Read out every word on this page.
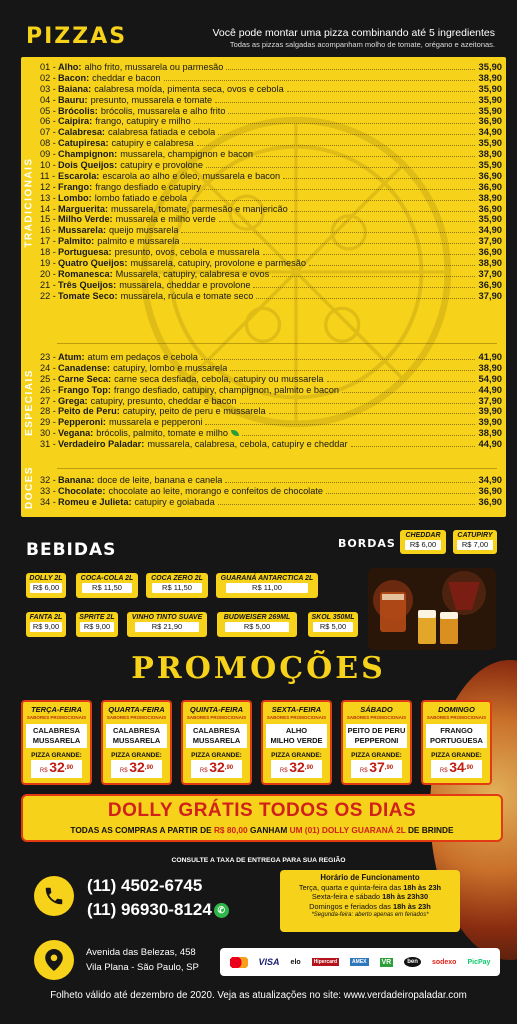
PIZZAS	Você pode montar uma pizza combinando até 5 ingredientes
Todas as pizzas salgadas acompanham molho de tomate, orégano e azeitonas.
TRADICIONAIS
ESPECIAIS
DOCES
01 - Alho: alho frito, mussarela ou parmesão	35,90
02 - Bacon: cheddar e bacon	38,90
03 - Baiana: calabresa moída, pimenta seca, ovos e cebola	35,90
04 - Bauru: presunto, mussarela e tomate	35,90
05 - Brócolis: brócolis, mussarela e alho frito	35,90
06 - Caipira: frango, catupiry e milho	36,90
07 - Calabresa: calabresa fatiada e cebola	34,90
08 - Catupiresa: catupiry e calabresa	35,90
09 - Champignon: mussarela, champignon e bacon	38,90
10 - Dois Queijos: catupiry e provolone	35,90
11 - Escarola: escarola ao alho e óleo, mussarela e bacon	36,90
12 - Frango: frango desfiado e catupiry	36,90
13 - Lombo: lombo fatiado e cebola	38,90
14 - Marguerita: mussarela, tomate, parmesão e manjericão	36,90
15 - Milho Verde: mussarela e milho verde	35,90
16 - Mussarela: queijo mussarela	34,90
17 - Palmito: palmito e mussarela	37,90
18 - Portuguesa: presunto, ovos, cebola e mussarela	36,90
19 - Quatro Queijos: mussarela, catupiry, provolone e parmesão	38,90
20 - Romanesca: Mussarela, catupiry, calabresa e ovos	37,90
21 - Três Queijos: mussarela, cheddar e provolone	36,90
22 - Tomate Seco: mussarela, rúcula e tomate seco	37,90
23 - Atum: atum em pedaços e cebola	41,90
24 - Canadense: catupiry, lombo e mussarela	38,90
25 - Carne Seca: carne seca desfiada, cebola, catupiry ou mussarela	54,90
26 - Frango Top: frango desfiado, catupiry, champignon, palmito e bacon	44,90
27 - Grega: catupiry, presunto, cheddar e bacon	37,90
28 - Peito de Peru: catupiry, peito de peru e mussarela	39,90
29 - Pepperoni: mussarela e pepperoni	39,90
30 - Vegana: brócolis, palmito, tomate e milho	38,90
31 - Verdadeiro Paladar: mussarela, calabresa, cebola, catupiry e cheddar	44,90
32 - Banana: doce de leite, banana e canela	34,90
33 - Chocolate: chocolate ao leite, morango e confeitos de chocolate	36,90
34 - Romeu e Julieta: catupiry e goiabada	36,90
BEBIDAS	BORDAS
CHEDDAR
R$ 6,00
CATUPIRY
R$ 7,00
DOLLY 2L
R$ 6,00
COCA-COLA 2L
R$ 11,50
COCA ZERO 2L
R$ 11,50
GUARANÁ ANTARCTICA 2L
R$ 11,00
FANTA 2L
R$ 9,00
SPRITE 2L
R$ 9,00
VINHO TINTO SUAVE
R$ 21,90
BUDWEISER 269ML
R$ 5,00
SKOL 350ML
R$ 5,00
PROMOÇÕES
TERÇA-FEIRA
SABORES PROMOCIONAIS
CALABRESA
MUSSARELA
PIZZA GRANDE:
R$ $32^{,90}$
QUARTA-FEIRA
SABORES PROMOCIONAIS
CALABRESA
MUSSARELA
PIZZA GRANDE:
R$ $32^{,90}$
QUINTA-FEIRA
SABORES PROMOCIONAIS
CALABRESA
MUSSARELA
PIZZA GRANDE:
R$ $32^{,90}$
SEXTA-FEIRA
SABORES PROMOCIONAIS
ALHO
MILHO VERDE
PIZZA GRANDE:
R$ $32^{,90}$
SÁBADO
SABORES PROMOCIONAIS
PEITO DE PERU
PEPPERONI
PIZZA GRANDE:
R$ $37^{,90}$
DOMINGO
SABORES PROMOCIONAIS
FRANGO
PORTUGUESA
PIZZA GRANDE:
R$ $34^{,90}$
DOLLY GRÁTIS TODOS OS DIAS
TODAS AS COMPRAS A PARTIR DE R$ 80,00 GANHAM UM (01) DOLLY GUARANÁ 2L DE BRINDE
CONSULTE A TAXA DE ENTREGA PARA SUA REGIÃO
(11) 4502-6745
(11) 96930-8124 ✆
Horário de Funcionamento
Terça, quarta e quinta-feira das 18h às 23h
Sexta-feira e sábado 18h às 23h30
Domingos e feriados das 18h às 23h
*Segunda-feira: aberto apenas em feriados*
Avenida das Belezas, 458
Vila Plana - São Paulo, SP	VISA elo	Hipercard	AMEX VR	ben	sodexo PicPay
Folheto válido até dezembro de 2020. Veja as atualizações no site: www.verdadeiropaladar.com
